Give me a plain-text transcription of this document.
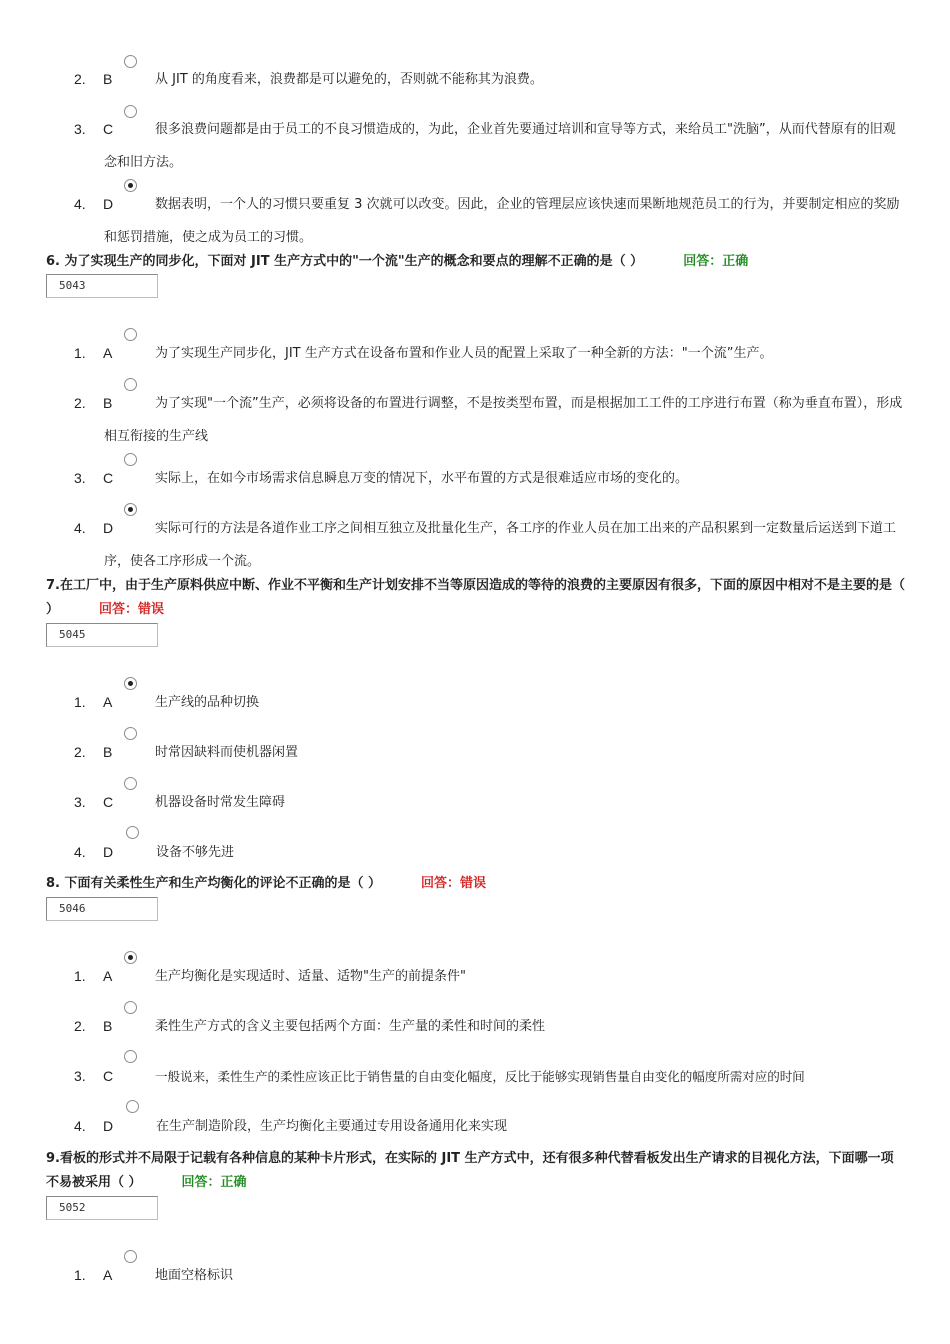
2.	B	从 JIT 的角度看来，浪费都是可以避免的，否则就不能称其为浪费。
3.	C	很多浪费问题都是由于员工的不良习惯造成的，为此，企业首先要通过培训和宣导等方式，来给员工"洗脑”，从而代替原有的旧观念和旧方法。
4.	D	数据表明，一个人的习惯只要重复 3 次就可以改变。因此，企业的管理层应该快速而果断地规范员工的行为，并要制定相应的奖励和惩罚措施，使之成为员工的习惯。
6. 为了实现生产的同步化，下面对 JIT 生产方式中的"一个流"生产的概念和要点的理解不正确的是（ ）	回答：正确
5043
1.	A	为了实现生产同步化，JIT 生产方式在设备布置和作业人员的配置上采取了一种全新的方法："一个流”生产。
2.	B	为了实现"一个流”生产，必须将设备的布置进行调整，不是按类型布置，而是根据加工工件的工序进行布置（称为垂直布置），形成相互衔接的生产线
3.	C	实际上，在如今市场需求信息瞬息万变的情况下，水平布置的方式是很难适应市场的变化的。
4.	D	实际可行的方法是各道作业工序之间相互独立及批量化生产，各工序的作业人员在加工出来的产品积累到一定数量后运送到下道工序，使各工序形成一个流。
7.在工厂中，由于生产原料供应中断、作业不平衡和生产计划安排不当等原因造成的等待的浪费的主要原因有很多，下面的原因中相对不是主要的是（ ）	回答：错误
5045
1.	A	生产线的品种切换
2.	B	时常因缺料而使机器闲置
3.	C	机器设备时常发生障碍
4.	D	设备不够先进
8. 下面有关柔性生产和生产均衡化的评论不正确的是（ ）	回答：错误
5046
1.	A	生产均衡化是实现适时、适量、适物"生产的前提条件"
2.	B	柔性生产方式的含义主要包括两个方面：生产量的柔性和时间的柔性
3.	C	一般说来，柔性生产的柔性应该正比于销售量的自由变化幅度，反比于能够实现销售量自由变化的幅度所需对应的时间
4.	D	在生产制造阶段，生产均衡化主要通过专用设备通用化来实现
9.看板的形式并不局限于记载有各种信息的某种卡片形式，在实际的 JIT 生产方式中，还有很多种代替看板发出生产请求的目视化方法，下面哪一项不易被采用（ ）	回答：正确
5052
1.	A	地面空格标识
